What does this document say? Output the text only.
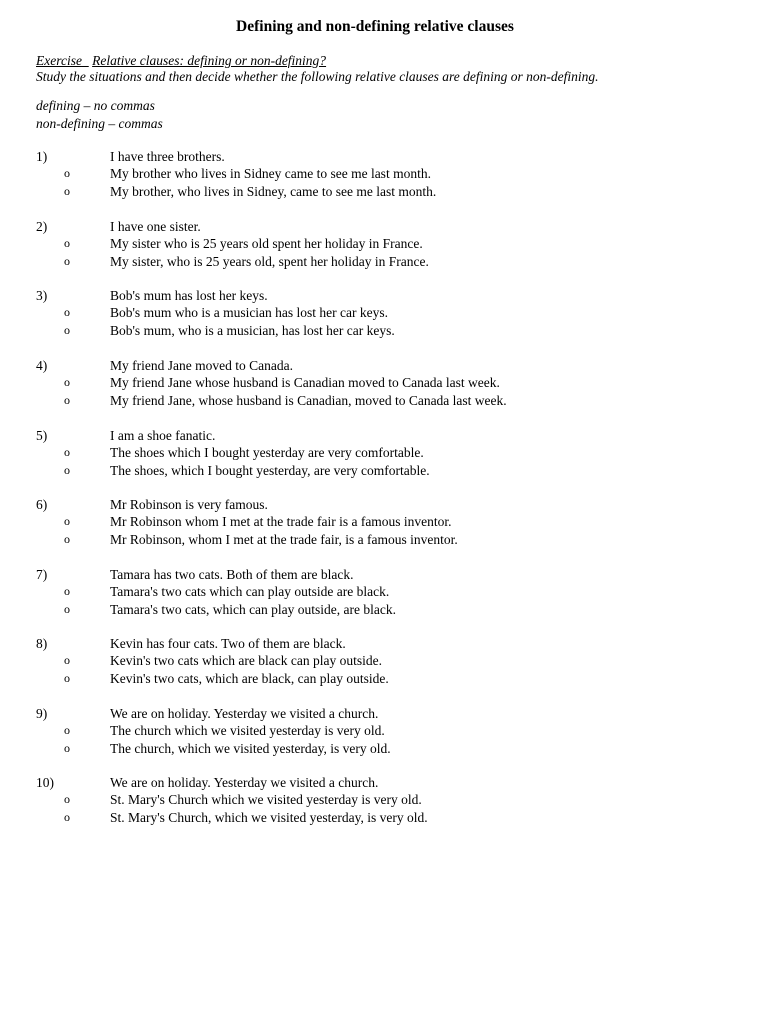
Defining and non-defining relative clauses
Exercise Relative clauses: defining or non-defining?
Study the situations and then decide whether the following relative clauses are defining or non-defining.
defining – no commas
non-defining – commas
1)	I have three brothers.
o	My brother who lives in Sidney came to see me last month.
o	My brother, who lives in Sidney, came to see me last month.
2)	I have one sister.
o	My sister who is 25 years old spent her holiday in France.
o	My sister, who is 25 years old, spent her holiday in France.
3)	Bob's mum has lost her keys.
o	Bob's mum who is a musician has lost her car keys.
o	Bob's mum, who is a musician, has lost her car keys.
4)	My friend Jane moved to Canada.
o	My friend Jane whose husband is Canadian moved to Canada last week.
o	My friend Jane, whose husband is Canadian, moved to Canada last week.
5)	I am a shoe fanatic.
o	The shoes which I bought yesterday are very comfortable.
o	The shoes, which I bought yesterday, are very comfortable.
6)	Mr Robinson is very famous.
o	Mr Robinson whom I met at the trade fair is a famous inventor.
o	Mr Robinson, whom I met at the trade fair, is a famous inventor.
7)	Tamara has two cats. Both of them are black.
o	Tamara's two cats which can play outside are black.
o	Tamara's two cats, which can play outside, are black.
8)	Kevin has four cats. Two of them are black.
o	Kevin's two cats which are black can play outside.
o	Kevin's two cats, which are black, can play outside.
9)	We are on holiday. Yesterday we visited a church.
o	The church which we visited yesterday is very old.
o	The church, which we visited yesterday, is very old.
10)	We are on holiday. Yesterday we visited a church.
o	St. Mary's Church which we visited yesterday is very old.
o	St. Mary's Church, which we visited yesterday, is very old.
